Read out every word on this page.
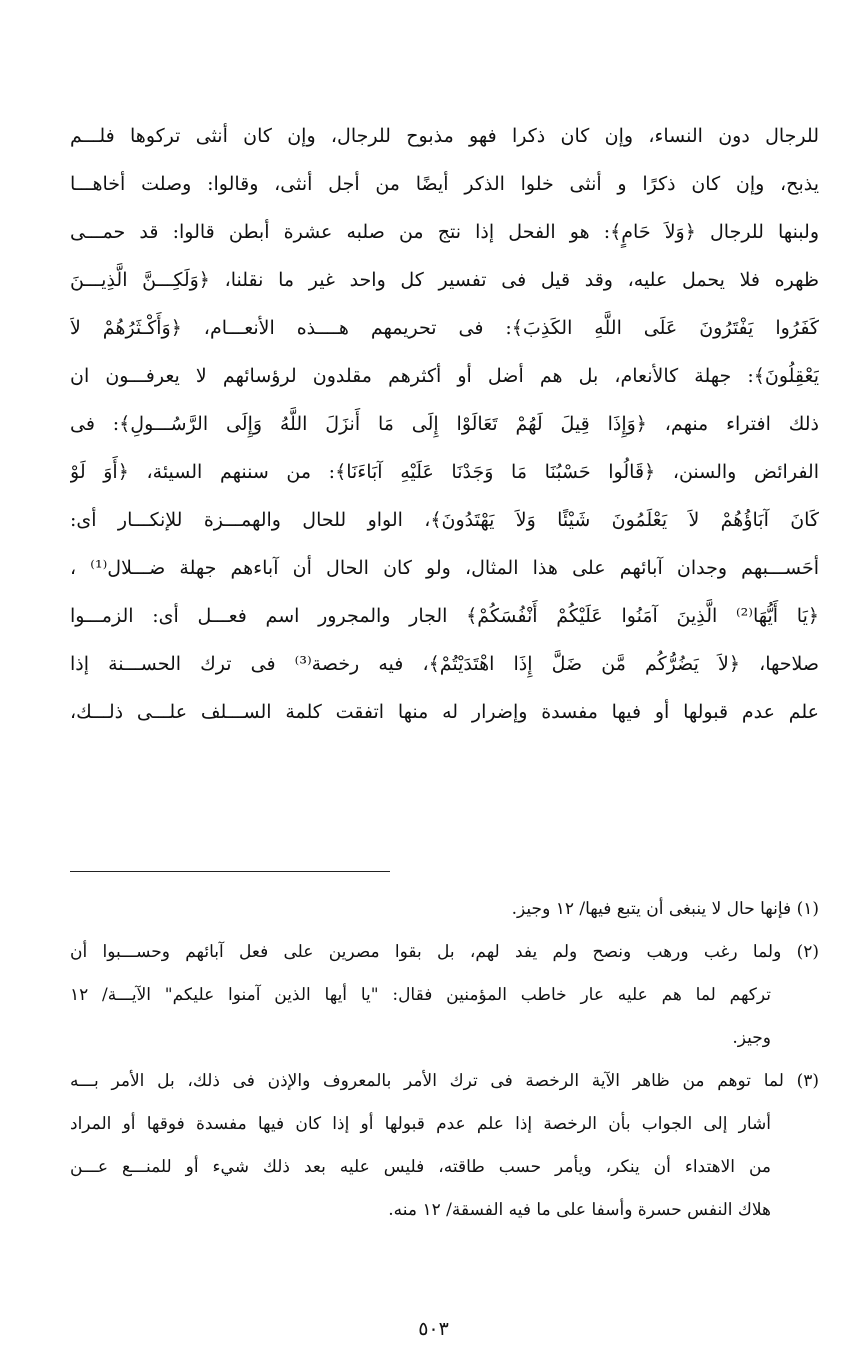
للرجال دون النساء، وإن كان ذكرا فهو مذبوح للرجال، وإن كان أنثى تركوها فلـــم
يذبح، وإن كان ذكرًا و أنثى خلوا الذكر أيضًا من أجل أنثى، وقالوا: وصلت أخاهـــا
ولبنها للرجال ﴿وَلاَ حَامٍ﴾: هو الفحل إذا نتج من صلبه عشرة أبطن قالوا: قد حمـــى
ظهره فلا يحمل عليه، وقد قيل فى تفسير كل واحد غير ما نقلنا، ﴿وَلَكِـــنَّ الَّذِيـــنَ
كَفَرُوا يَفْتَرُونَ عَلَى اللَّهِ الكَذِبَ﴾: فى تحريمهم هــــذه الأنعـــام، ﴿وَأَكْـثَرُهُمْ لاَ
يَعْقِلُونَ﴾: جهلة كالأنعام، بل هم أضل أو أكثرهم مقلدون لرؤسائهم لا يعرفـــون ان
ذلك افتراء منهم، ﴿وَإِذَا قِيلَ لَهُمْ تَعَالَوْا إِلَى مَا أَنزَلَ اللَّهُ وَإِلَى الرَّسُـــولِ﴾: فى
الفرائض والسنن، ﴿قَالُوا حَسْبُنَا مَا وَجَدْنَا عَلَيْهِ آبَاءَنَا﴾: من سننهم السيئة، ﴿أَوَ لَوْ
كَانَ آبَاؤُهُمْ لاَ يَعْلَمُونَ شَيْئًا وَلاَ يَهْتَدُونَ﴾، الواو للحال والهمـــزة للإنكـــار أى:
أحَســـبهم وجدان آبائهم على هذا المثال، ولو كان الحال أن آباءهم جهلة ضـــلال⁽¹⁾ ،
﴿يَا أَيُّهَا⁽²⁾ الَّذِينَ آمَنُوا عَلَيْكُمْ أَنْفُسَكُمْ﴾ الجار والمجرور اسم فعـــل أى: الزمـــوا
صلاحها، ﴿لاَ يَضُرُّكُم مَّن ضَلَّ إِذَا اهْتَدَيْتُمْ﴾، فيه رخصة⁽³⁾ فى ترك الحســـنة إذا
علم عدم قبولها أو فيها مفسدة وإضرار له منها اتفقت كلمة الســـلف علـــى ذلـــك،
(١) فإنها حال لا ينبغى أن يتبع فيها/ ١٢ وجيز.
(٢) ولما رغب ورهب ونصح ولم يفد لهم، بل بقوا مصرين على فعل آبائهم وحســـبوا أن
تركهم لما هم عليه عار خاطب المؤمنين فقال: "يا أيها الذين آمنوا عليكم" الآيـــة/ ١٢
وجيز.
(٣) لما توهم من ظاهر الآية الرخصة فى ترك الأمر بالمعروف والإذن فى ذلك، بل الأمر بـــه
أشار إلى الجواب بأن الرخصة إذا علم عدم قبولها أو إذا كان فيها مفسدة فوقها أو المراد
من الاهتداء أن ينكر، ويأمر حسب طاقته، فليس عليه بعد ذلك شيء أو للمنـــع عـــن
هلاك النفس حسرة وأسفا على ما فيه الفسقة/ ١٢ منه.
٥٠٣
